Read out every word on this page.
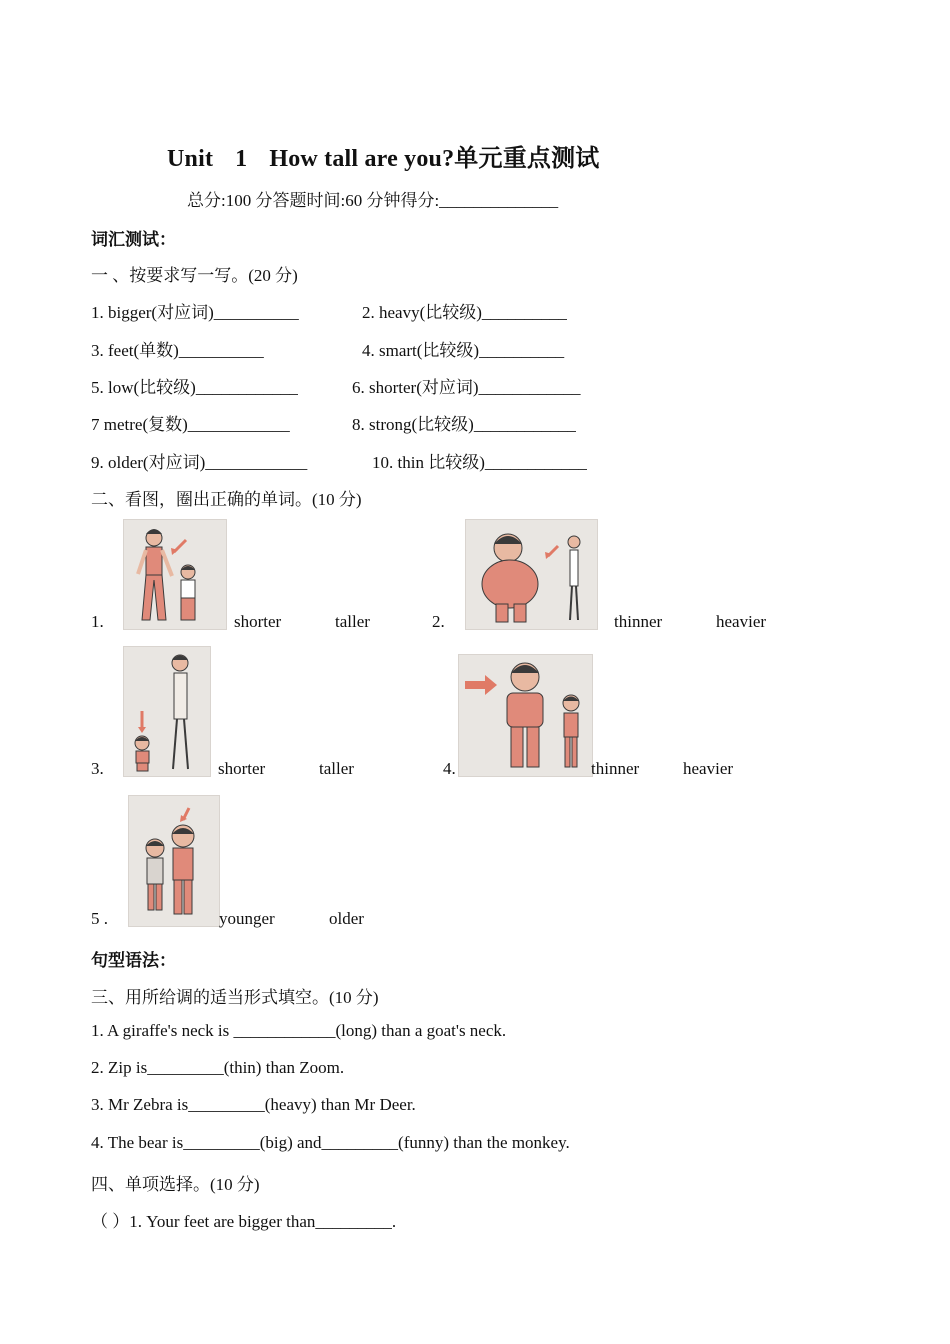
Unit 1 How tall are you?单元重点测试
总分:100 分答题时间:60 分钟得分:______________
词汇测试：
一 、按要求写一写。(20 分)
1. bigger(对应词)__________	2. heavy(比较级)__________
3. feet(单数)__________	4. smart(比较级)__________
5. low(比较级)____________	6. shorter(对应词)____________
7 metre(复数)____________	8. strong(比较级)____________
9. older(对应词)____________	10. thin 比较级)____________
二、看图，圈出正确的单词。(10 分)
1.	shorter	taller	2.	thinner	heavier
3.	shorter	taller	4.	thinner	heavier
5 .	younger	older
句型语法：
三、用所给调的适当形式填空。(10 分)
1. A giraffe's neck is ____________(long) than a goat's neck.
2. Zip is_________(thin) than Zoom.
3. Mr Zebra is_________(heavy) than Mr Deer.
4. The bear is_________(big) and_________(funny) than the monkey.
四、单项选择。(10 分)
（ ）1. Your feet are bigger than_________.
